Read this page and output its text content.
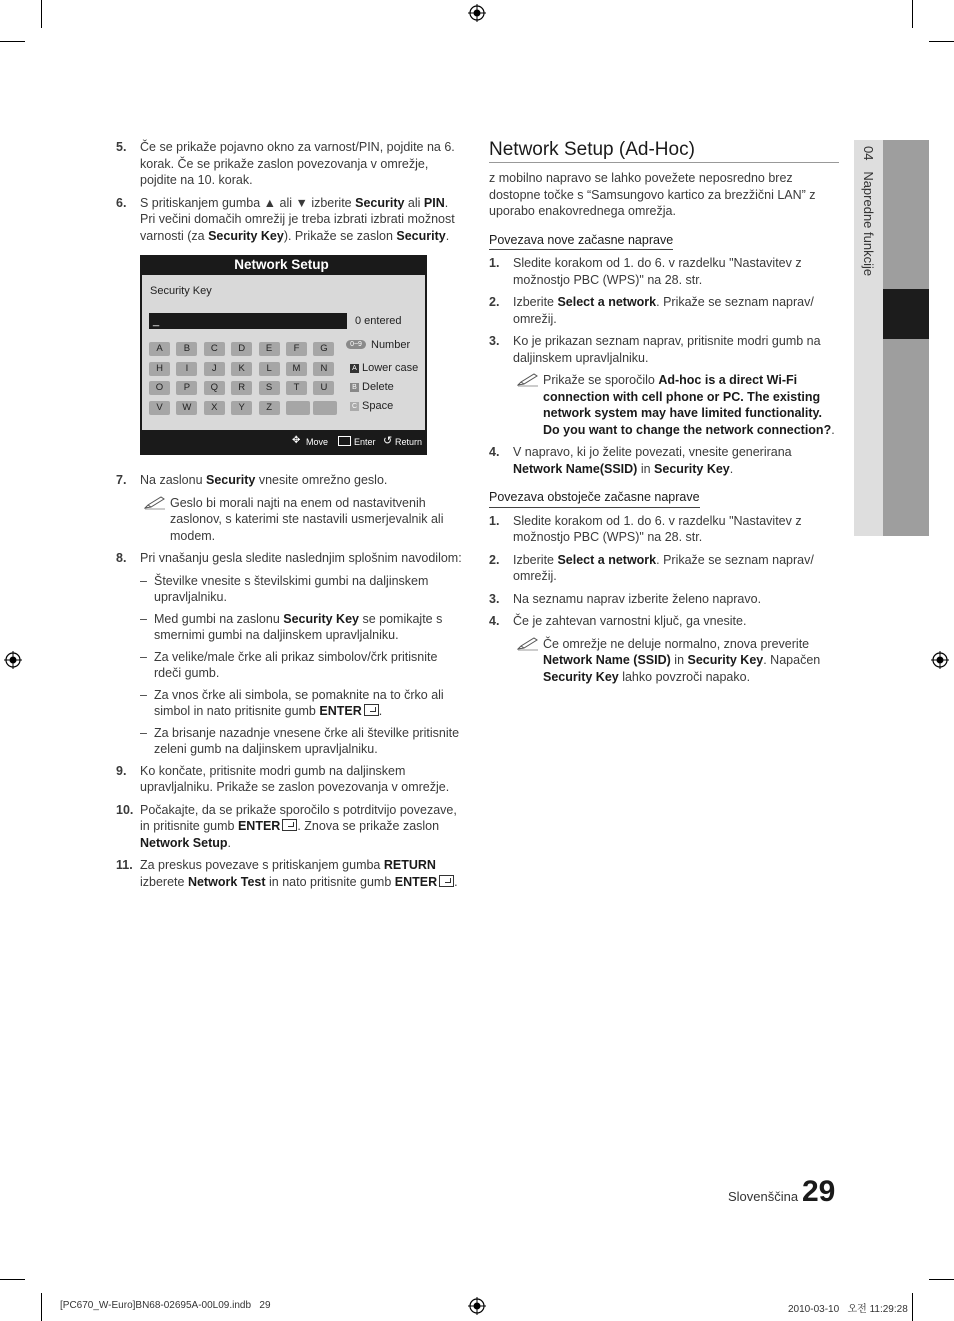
04   Napredne funkcije
5. Če se prikaže pojavno okno za varnost/PIN, pojdite na 6. korak. Če se prikaže zaslon povezovanja v omrežje, pojdite na 10. korak.
6. S pritiskanjem gumba ▲ ali ▼ izberite Security ali PIN. Pri večini domačih omrežij je treba izbrati izbrati možnost varnosti (za Security Key). Prikaže se zaslon Security.
Network Setup
Security Key
_	0 entered
A	B	C	D	E	F	G
H	I	J	K	L	M	N
O	P	Q	R	S	T	U
V	W	X	Y	Z
0~9 Number
A Lower case
B Delete
C Space
✥ Move	Enter ↺ Return
7. Na zaslonu Security vnesite omrežno geslo.
Geslo bi morali najti na enem od nastavitvenih zaslonov, s katerimi ste nastavili usmerjevalnik ali modem.
8. Pri vnašanju gesla sledite naslednjim splošnim navodilom:
– Številke vnesite s številskimi gumbi na daljinskem upravljalniku.
– Med gumbi na zaslonu Security Key se pomikajte s smernimi gumbi na daljinskem upravljalniku.
– Za velike/male črke ali prikaz simbolov/črk pritisnite rdeči gumb.
– Za vnos črke ali simbola, se pomaknite na to črko ali simbol in nato pritisnite gumb ENTER .
– Za brisanje nazadnje vnesene črke ali številke pritisnite zeleni gumb na daljinskem upravljalniku.
9. Ko končate, pritisnite modri gumb na daljinskem upravljalniku. Prikaže se zaslon povezovanja v omrežje.
10. Počakajte, da se prikaže sporočilo s potrditvijo povezave, in pritisnite gumb ENTER . Znova se prikaže zaslon Network Setup.
11. Za preskus povezave s pritiskanjem gumba RETURN izberete Network Test in nato pritisnite gumb ENTER .
Network Setup (Ad-Hoc)
z mobilno napravo se lahko povežete neposredno brez dostopne točke s “Samsungovo kartico za brezžični LAN” z uporabo enakovrednega omrežja.
Povezava nove začasne naprave
1. Sledite korakom od 1. do 6. v razdelku "Nastavitev z možnostjo PBC (WPS)" na 28. str.
2. Izberite Select a network. Prikaže se seznam naprav/ omrežij.
3. Ko je prikazan seznam naprav, pritisnite modri gumb na daljinskem upravljalniku.
Prikaže se sporočilo Ad-hoc is a direct Wi-Fi connection with cell phone or PC. The existing network system may have limited functionality. Do you want to change the network connection?.
4. V napravo, ki jo želite povezati, vnesite generirana Network Name(SSID) in Security Key.
Povezava obstoječe začasne naprave
1. Sledite korakom od 1. do 6. v razdelku "Nastavitev z možnostjo PBC (WPS)" na 28. str.
2. Izberite Select a network. Prikaže se seznam naprav/ omrežij.
3. Na seznamu naprav izberite želeno napravo.
4. Če je zahtevan varnostni ključ, ga vnesite.
Če omrežje ne deluje normalno, znova preverite Network Name (SSID) in Security Key. Napačen Security Key lahko povzroči napako.
Slovenščina 29
[PC670_W-Euro]BN68-02695A-00L09.indb   29	2010-03-10   오전 11:29:28
